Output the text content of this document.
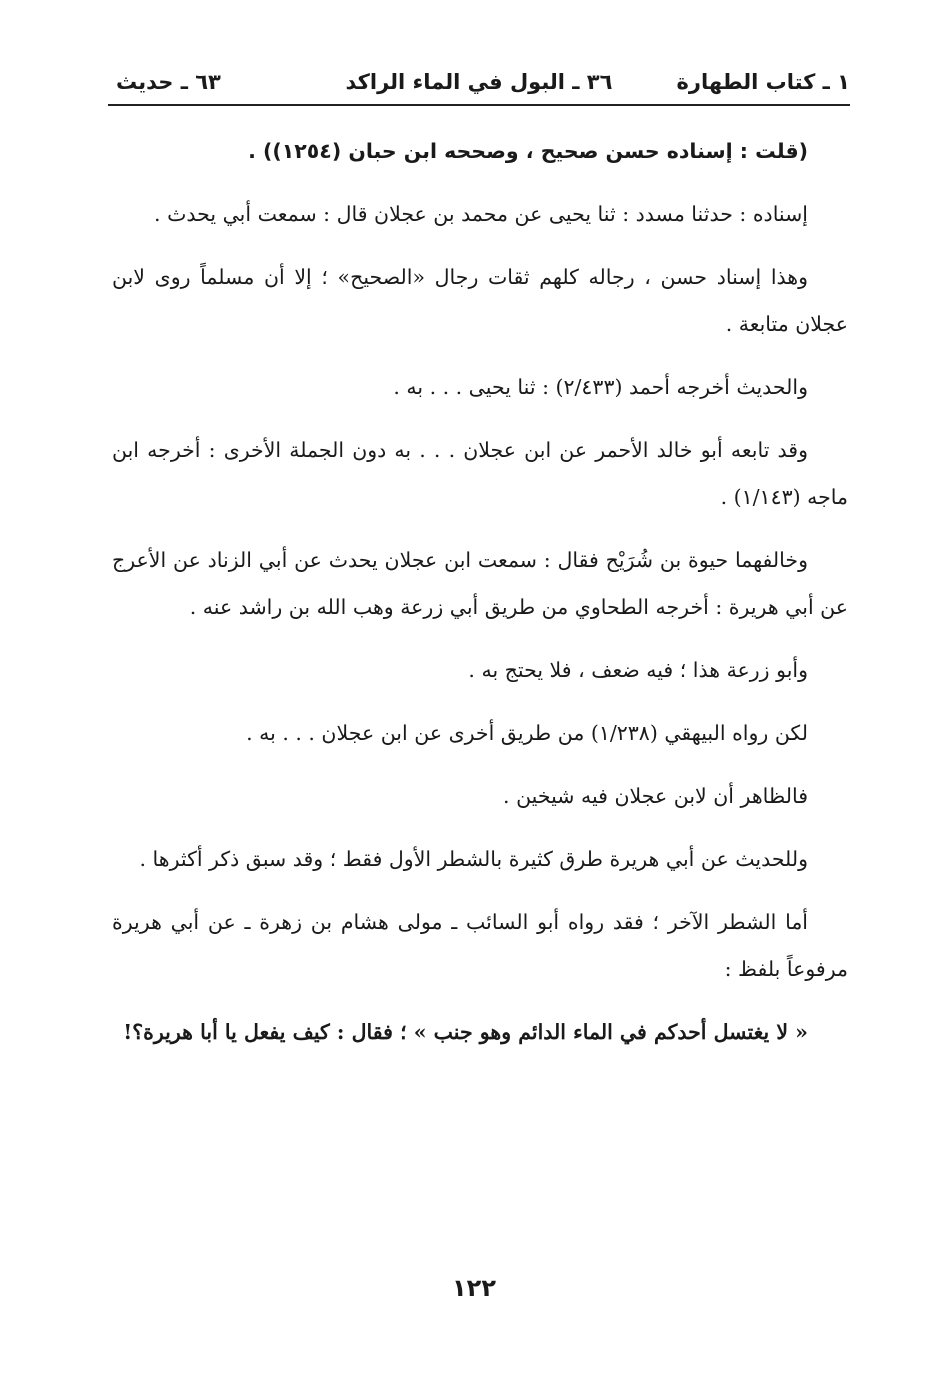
١ ـ كتاب الطهارة
٣٦ ـ البول في الماء الراكد
٦٣ ـ حديث

(قلت : إسناده حسن صحيح ، وصححه ابن حبان (١٢٥٤)) .

إسناده : حدثنا مسدد : ثنا يحيى عن محمد بن عجلان قال : سمعت أبي يحدث .

وهذا إسناد حسن ، رجاله كلهم ثقات رجال «الصحيح» ؛ إلا أن مسلماً روى لابن عجلان متابعة .

والحديث أخرجه أحمد (٢/٤٣٣) : ثنا يحيى . . . به .

وقد تابعه أبو خالد الأحمر عن ابن عجلان . . . به دون الجملة الأخرى : أخرجه ابن ماجه (١/١٤٣) .

وخالفهما حيوة بن شُرَيْح فقال : سمعت ابن عجلان يحدث عن أبي الزناد عن الأعرج عن أبي هريرة : أخرجه الطحاوي من طريق أبي زرعة وهب الله بن راشد عنه .

وأبو زرعة هذا ؛ فيه ضعف ، فلا يحتج به .

لكن رواه البيهقي (١/٢٣٨) من طريق أخرى عن ابن عجلان . . . به .

فالظاهر أن لابن عجلان فيه شيخين .

وللحديث عن أبي هريرة طرق كثيرة بالشطر الأول فقط ؛ وقد سبق ذكر أكثرها .

أما الشطر الآخر ؛ فقد رواه أبو السائب ـ مولى هشام بن زهرة ـ عن أبي هريرة مرفوعاً بلفظ :

« لا يغتسل أحدكم في الماء الدائم وهو جنب » ؛ فقال : كيف يفعل يا أبا هريرة؟!

١٢٢
